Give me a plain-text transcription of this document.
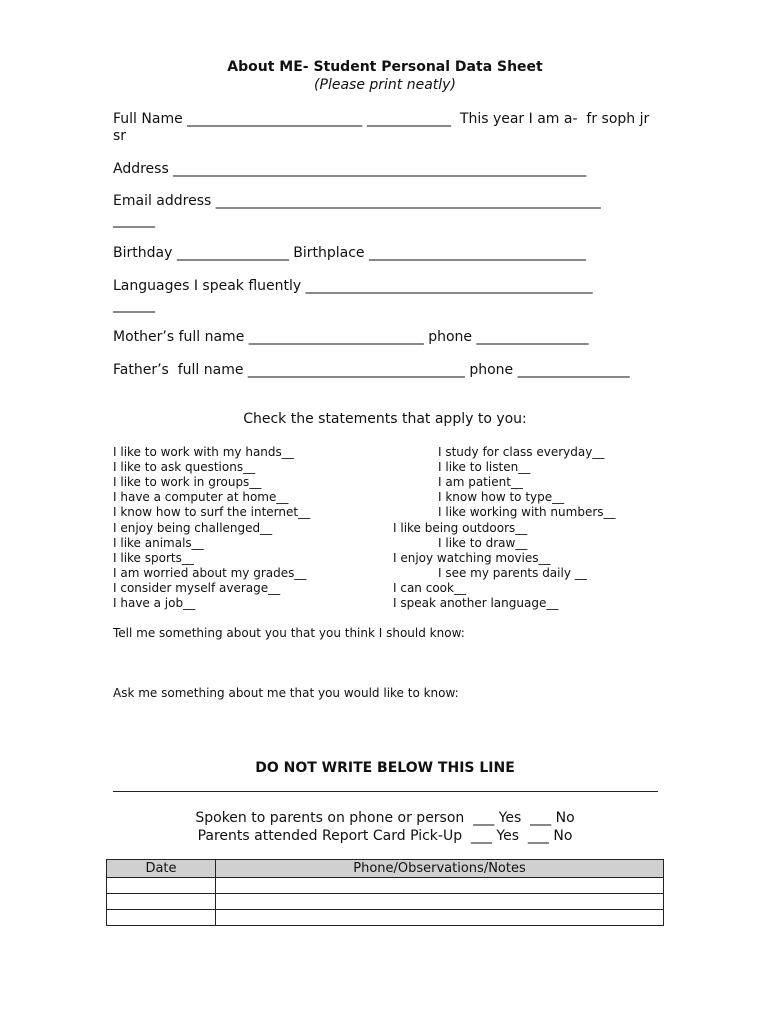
About ME- Student Personal Data Sheet
(Please print neatly)
Full Name _________________________ ____________  This year I am a-  fr soph jr
sr
Address ___________________________________________________________
Email address _______________________________________________________
______
Birthday ________________ Birthplace _______________________________
Languages I speak fluently _________________________________________
______
Mother’s full name _________________________ phone ________________
Father’s  full name _______________________________ phone ________________
Check the statements that apply to you:
I like to work with my hands__
I like to ask questions__
I like to work in groups__
I have a computer at home__
I know how to surf the internet__
I enjoy being challenged__
I like animals__
I like sports__
I am worried about my grades__
I consider myself average__
I have a job__
I study for class everyday__
I like to listen__
I am patient__
I know how to type__
I like working with numbers__
I like being outdoors__
I like to draw__
I enjoy watching movies__
I see my parents daily __
I can cook__
I speak another language__
Tell me something about you that you think I should know:
Ask me something about me that you would like to know:
DO NOT WRITE BELOW THIS LINE
Spoken to parents on phone or person  ___ Yes  ___ No
Parents attended Report Card Pick-Up  ___ Yes  ___ No
Date	Phone/Observations/Notes
